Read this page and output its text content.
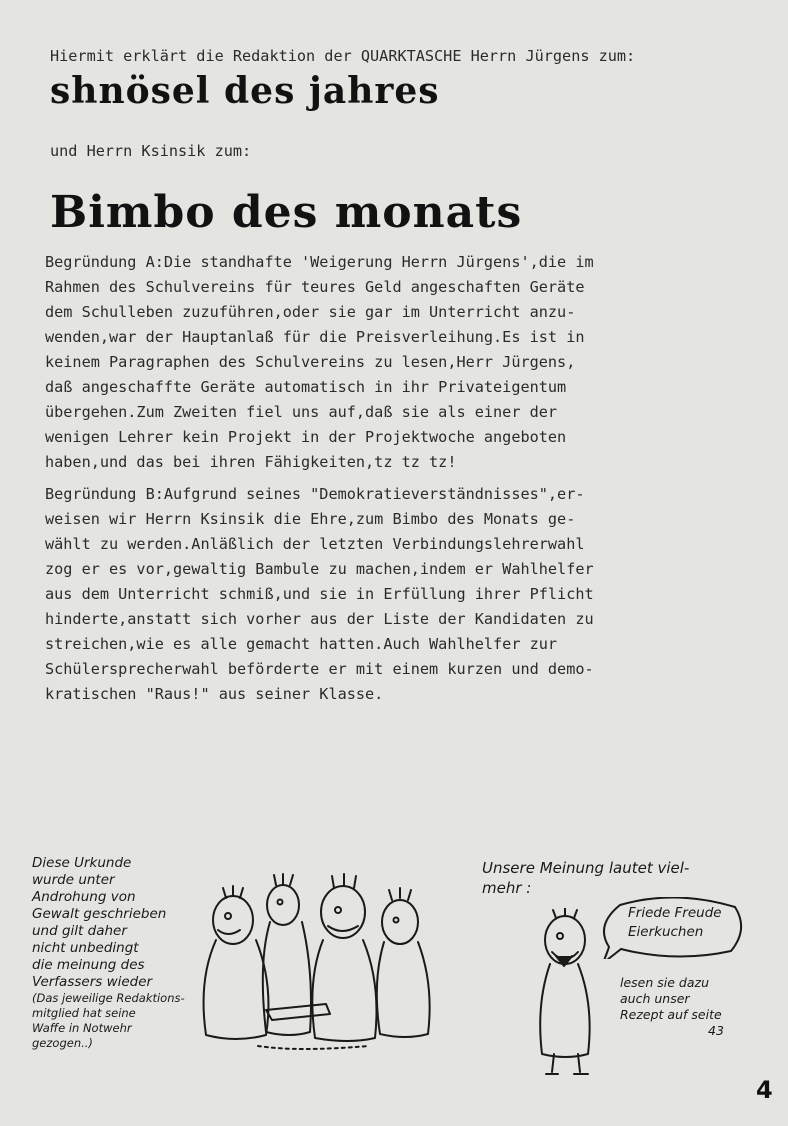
Hiermit erklärt die Redaktion der QUARKTASCHE Herrn Jürgens zum:
shnösel des jahres
und Herrn Ksinsik zum:
Bimbo des monats
Begründung A:Die standhafte 'Weigerung Herrn Jürgens',die im
Rahmen des Schulvereins für teures Geld angeschaften Geräte
dem Schulleben zuzuführen,oder sie gar im Unterricht anzu-
wenden,war der Hauptanlaß für die Preisverleihung.Es ist in
keinem Paragraphen des Schulvereins zu lesen,Herr Jürgens,
daß angeschaffte Geräte automatisch in ihr Privateigentum
übergehen.Zum Zweiten fiel uns auf,daß sie als einer der
wenigen Lehrer kein Projekt in der Projektwoche angeboten
haben,und das bei ihren Fähigkeiten,tz tz tz!
Begründung B:Aufgrund seines "Demokratieverständnisses",er-
weisen wir Herrn Ksinsik die Ehre,zum Bimbo des Monats ge-
wählt zu werden.Anläßlich der letzten Verbindungslehrerwahl
zog er es vor,gewaltig Bambule zu machen,indem er Wahlhelfer
aus dem Unterricht schmiß,und sie in Erfüllung ihrer Pflicht
hinderte,anstatt sich vorher aus der Liste der Kandidaten zu
streichen,wie es alle gemacht hatten.Auch Wahlhelfer zur
Schülersprecherwahl beförderte er mit einem kurzen und demo-
kratischen "Raus!" aus seiner Klasse.
Diese Urkunde
wurde unter
Androhung von
Gewalt geschrieben
und gilt daher
nicht unbedingt
die meinung des
Verfassers wieder
(Das jeweilige Redaktions-
mitglied hat seine
Waffe in Notwehr
gezogen..)
Unsere Meinung lautet viel-
mehr :
Friede Freude
Eierkuchen
lesen sie dazu
auch unser
Rezept auf seite
43
4
